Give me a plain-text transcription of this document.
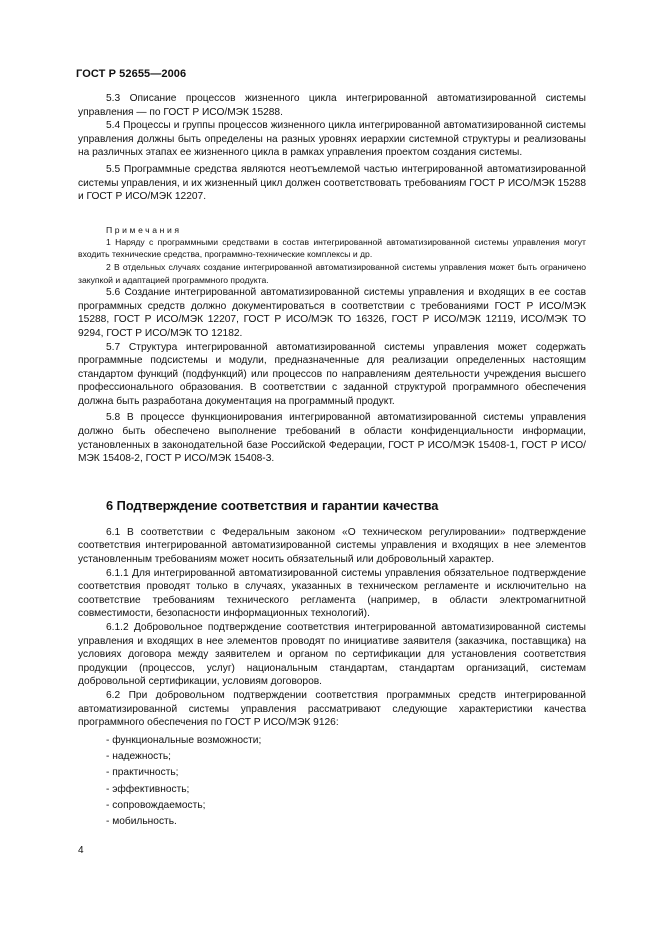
ГОСТ Р 52655—2006

5.3 Описание процессов жизненного цикла интегрированной автоматизированной системы управления — по ГОСТ Р ИСО/МЭК 15288.

5.4 Процессы и группы процессов жизненного цикла интегрированной автоматизированной системы управления должны быть определены на разных уровнях иерархии системной структуры и реализованы на различных этапах ее жизненного цикла в рамках управления проектом создания системы.

5.5 Программные средства являются неотъемлемой частью интегрированной автоматизированной системы управления, и их жизненный цикл должен соответствовать требованиям ГОСТ Р ИСО/МЭК 15288 и ГОСТ Р ИСО/МЭК 12207.

Примечания

1 Наряду с программными средствами в состав интегрированной автоматизированной системы управления могут входить технические средства, программно-технические комплексы и др.

2 В отдельных случаях создание интегрированной автоматизированной системы управления может быть ограничено закупкой и адаптацией программного продукта.

5.6 Создание интегрированной автоматизированной системы управления и входящих в ее состав программных средств должно документироваться в соответствии с требованиями ГОСТ Р ИСО/МЭК 15288, ГОСТ Р ИСО/МЭК 12207, ГОСТ Р ИСО/МЭК ТО 16326, ГОСТ Р ИСО/МЭК 12119, ИСО/МЭК ТО 9294, ГОСТ Р ИСО/МЭК ТО 12182.

5.7 Структура интегрированной автоматизированной системы управления может содержать программные подсистемы и модули, предназначенные для реализации определенных настоящим стандартом функций (подфункций) или процессов по направлениям деятельности учреждения высшего профессионального образования. В соответствии с заданной структурой программного обеспечения должна быть разработана документация на программный продукт.

5.8 В процессе функционирования интегрированной автоматизированной системы управления должно быть обеспечено выполнение требований в области конфиденциальности информации, установленных в законодательной базе Российской Федерации, ГОСТ Р ИСО/МЭК 15408-1, ГОСТ Р ИСО/МЭК 15408-2, ГОСТ Р ИСО/МЭК 15408-3.

6 Подтверждение соответствия и гарантии качества

6.1 В соответствии с Федеральным законом «О техническом регулировании» подтверждение соответствия интегрированной автоматизированной системы управления и входящих в нее элементов установленным требованиям может носить обязательный или добровольный характер.

6.1.1 Для интегрированной автоматизированной системы управления обязательное подтверждение соответствия проводят только в случаях, указанных в техническом регламенте и исключительно на соответствие требованиям технического регламента (например, в области электромагнитной совместимости, безопасности информационных технологий).

6.1.2 Добровольное подтверждение соответствия интегрированной автоматизированной системы управления и входящих в нее элементов проводят по инициативе заявителя (заказчика, поставщика) на условиях договора между заявителем и органом по сертификации для установления соответствия продукции (процессов, услуг) национальным стандартам, стандартам организаций, системам добровольной сертификации, условиям договоров.

6.2 При добровольном подтверждении соответствия программных средств интегрированной автоматизированной системы управления рассматривают следующие характеристики качества программного обеспечения по ГОСТ Р ИСО/МЭК 9126:

- функциональные возможности;
- надежность;
- практичность;
- эффективность;
- сопровождаемость;
- мобильность.
4
